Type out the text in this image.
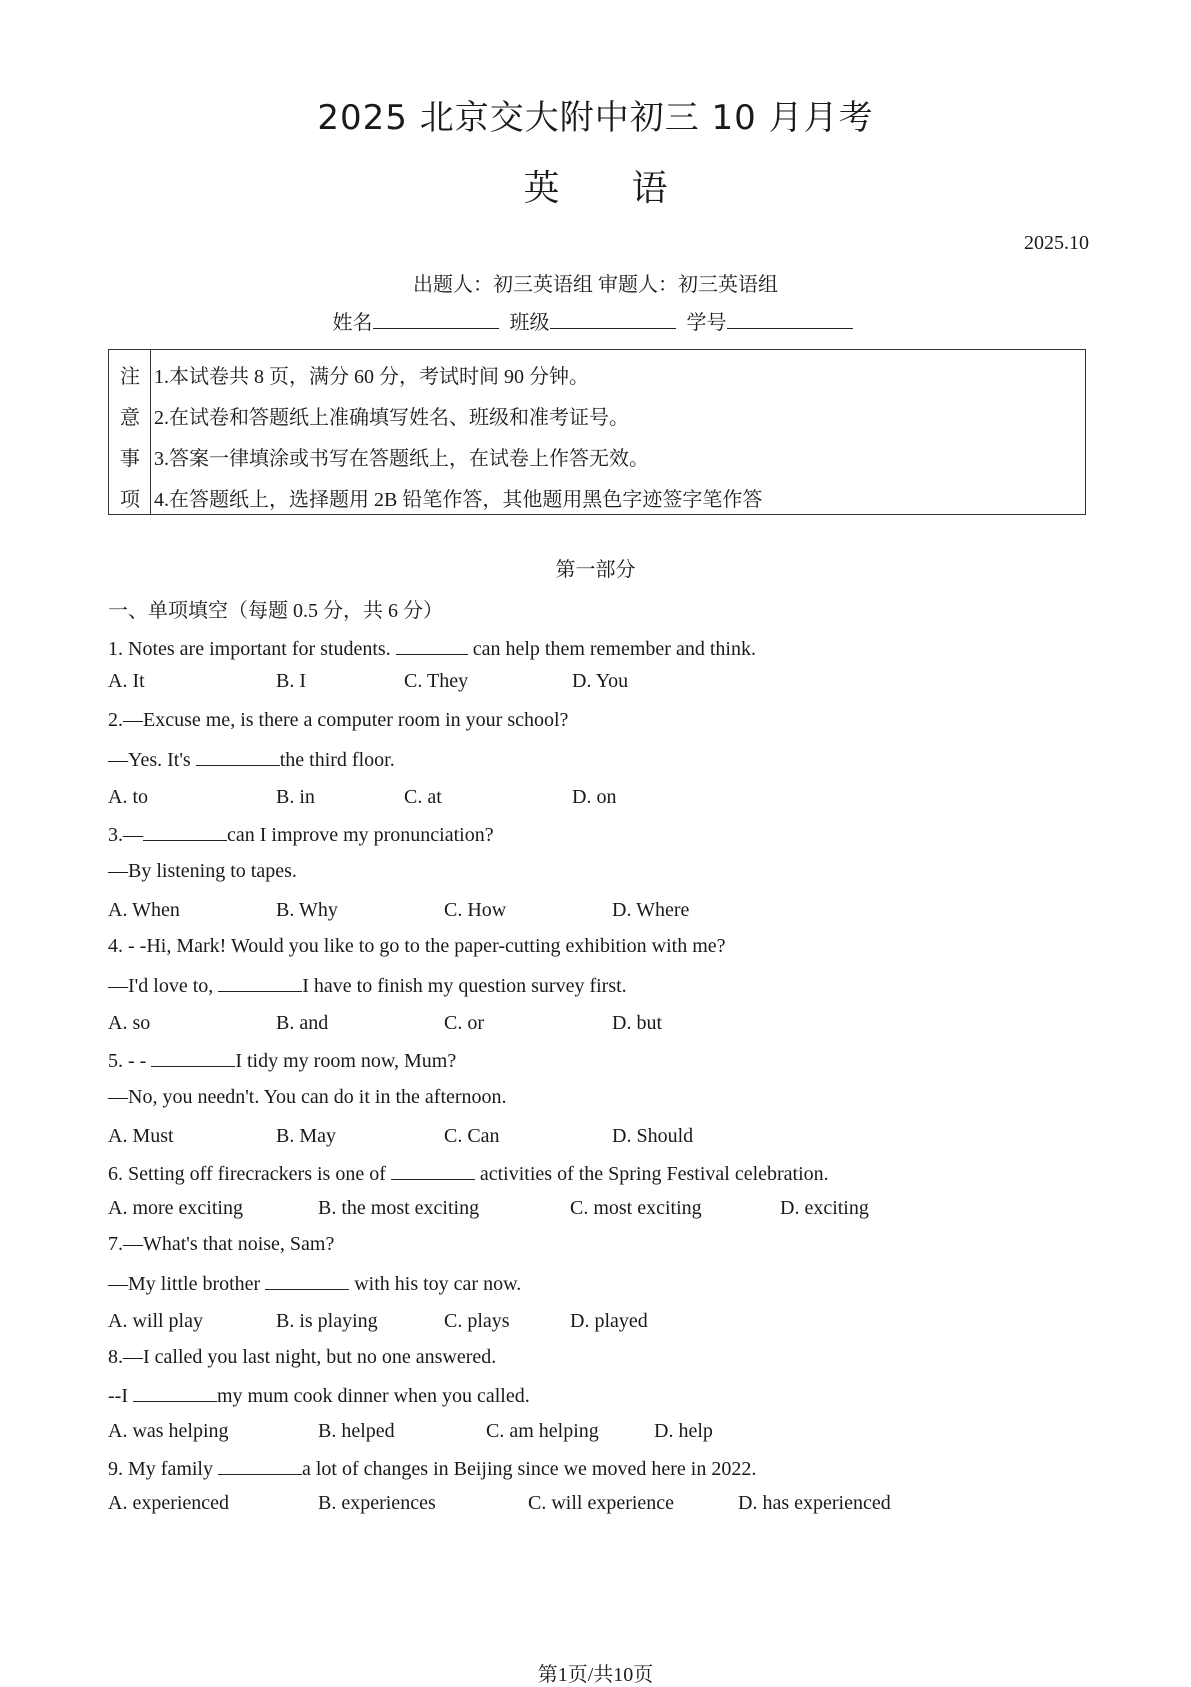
2025 北京交大附中初三 10 月月考
英　　语
2025.10
出题人：初三英语组 审题人：初三英语组
姓名	班级	学号
注
意
事
项
1.本试卷共 8 页，满分 60 分，考试时间 90 分钟。
2.在试卷和答题纸上准确填写姓名、班级和准考证号。
3.答案一律填涂或书写在答题纸上，在试卷上作答无效。
4.在答题纸上，选择题用 2B 铅笔作答，其他题用黑色字迹签字笔作答
第一部分
一、单项填空（每题 0.5 分，共 6 分）
1. Notes are important for students.	can help them remember and think.
A. It	B. I	C. They	D. You
2.—Excuse me, is there a computer room in your school?
—Yes. It's	the third floor.
A. to	B. in	C. at	D. on
3.—	can I improve my pronunciation?
—By listening to tapes.
A. When	B. Why	C. How	D. Where
4. - -Hi, Mark! Would you like to go to the paper-cutting exhibition with me?
—I'd love to,	I have to finish my question survey first.
A. so	B. and	C. or	D. but
5. - -	I tidy my room now, Mum?
—No, you needn't. You can do it in the afternoon.
A. Must	B. May	C. Can	D. Should
6. Setting off firecrackers is one of	activities of the Spring Festival celebration.
A. more exciting	B. the most exciting	C. most exciting	D. exciting
7.—What's that noise, Sam?
—My little brother	with his toy car now.
A. will play	B. is playing	C. plays	D. played
8.—I called you last night, but no one answered.
--I	my mum cook dinner when you called.
A. was helping	B. helped	C. am helping	D. help
9. My family	a lot of changes in Beijing since we moved here in 2022.
A. experienced	B. experiences	C. will experience	D. has experienced
第1页/共10页
